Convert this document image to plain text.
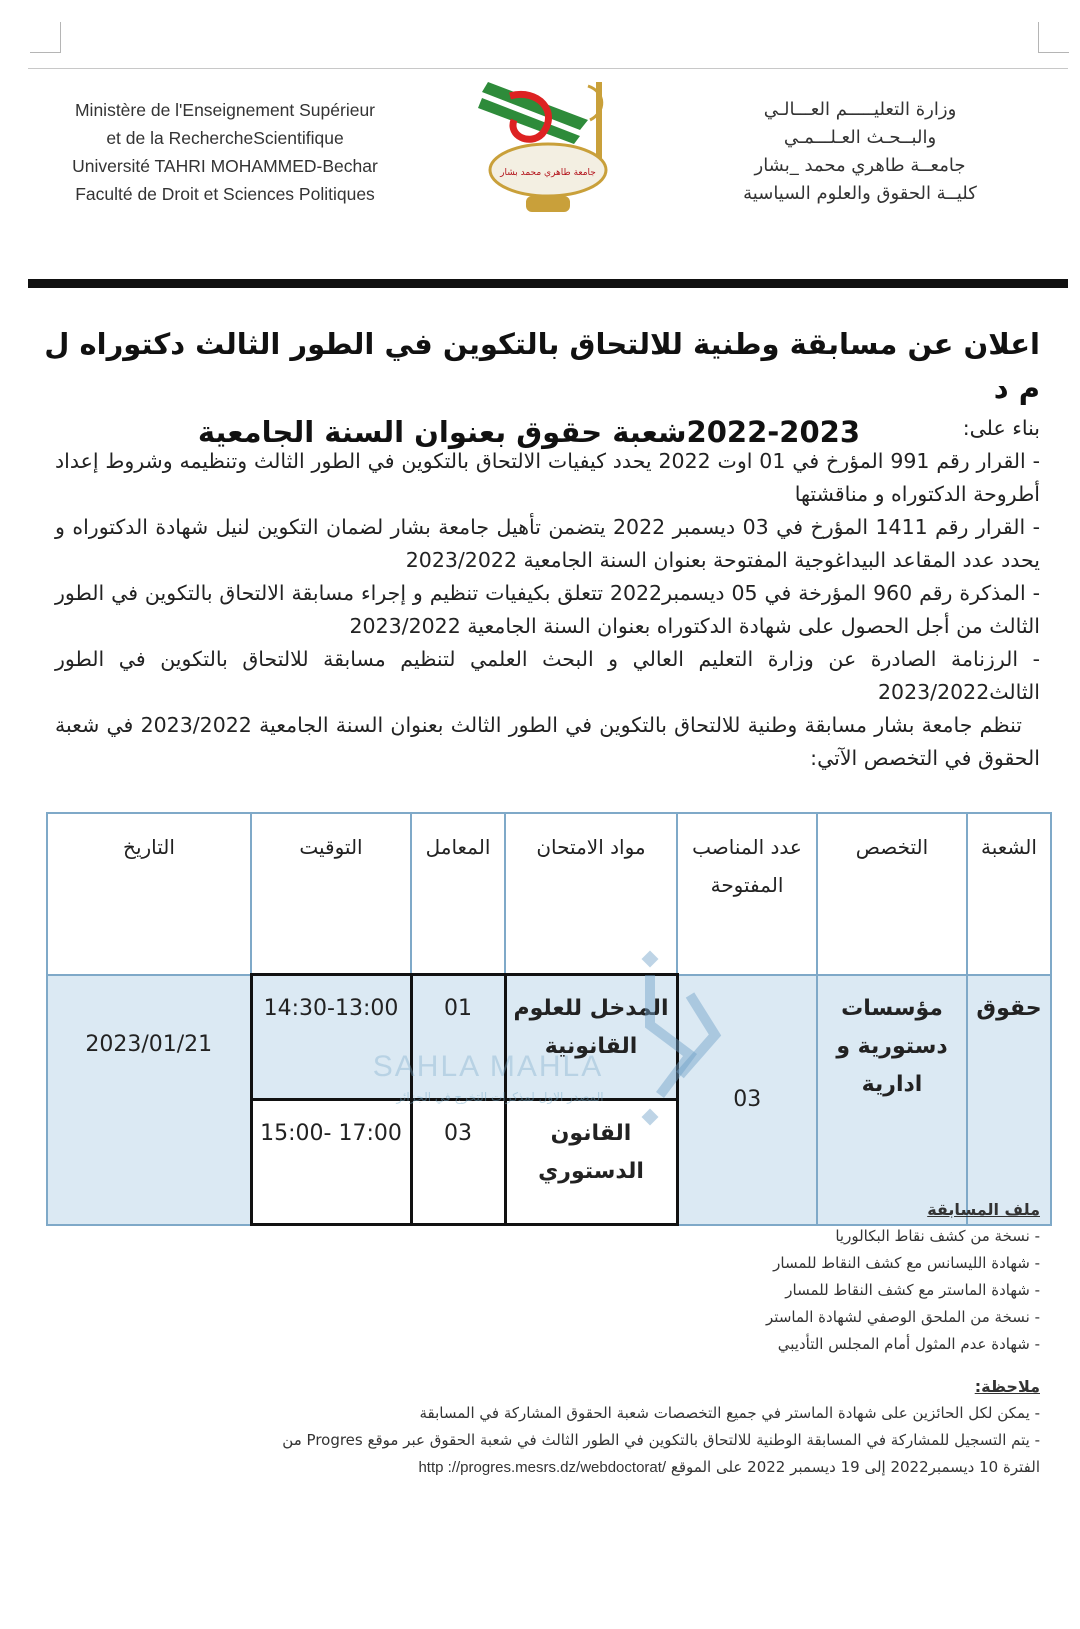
Ministère de l'Enseignement Supérieur
et de la RechercheScientifique
Université TAHRI MOHAMMED-Bechar
Faculté de Droit et Sciences Politiques
جامعة طاهري محمد بشار
وزارة التعليـــــم العـــالـي
والبــحـث العـلـــمـي
جامعــة طاهري محمد _بشار
كليــة الحقوق والعلوم السياسية
اعلان عن مسابقة وطنية للالتحاق بالتكوين في الطور الثالث دكتوراه ل م د
2022-2023شعبة حقوق بعنوان السنة الجامعية	بناء على:

- القرار رقم 991 المؤرخ في 01 اوت 2022 يحدد كيفيات الالتحاق بالتكوين في الطور الثالث وتنظيمه وشروط إعداد أطروحة الدكتوراه و مناقشتها

- القرار رقم 1411 المؤرخ في 03 ديسمبر 2022 يتضمن تأهيل جامعة بشار لضمان التكوين لنيل شهادة الدكتوراه و يحدد عدد المقاعد البيداغوجية المفتوحة بعنوان السنة الجامعية 2023/2022

- المذكرة رقم 960 المؤرخة في 05 ديسمبر2022 تتعلق بكيفيات تنظيم و إجراء مسابقة الالتحاق بالتكوين في الطور الثالث من أجل الحصول على شهادة الدكتوراه بعنوان السنة الجامعية 2023/2022

- الرزنامة الصادرة عن وزارة التعليم العالي و البحث العلمي لتنظيم مسابقة للالتحاق بالتكوين في الطور الثالث2023/2022

تنظم جامعة بشار مسابقة وطنية للالتحاق بالتكوين في الطور الثالث بعنوان السنة الجامعية 2023/2022 في شعبة الحقوق في التخصص الآتي:

الشعبة	التخصص	عدد المناصب المفتوحة	مواد الامتحان	المعامل	التوقيت	التاريخ
حقوق	مؤسسات دستورية و ادارية	03	المدخل للعلوم القانونية	01	14:30-13:00	2023/01/21
			القانون الدستوري	03	15:00- 17:00	
SAHLA MAHLA
المصدر الاول لمذكرات التخرج في الجزائر
ملف المسابقة
- نسخة من كشف نقاط البكالوريا
- شهادة الليسانس مع كشف النقاط للمسار
- شهادة الماستر مع كشف النقاط للمسار
- نسخة من الملحق الوصفي لشهادة الماستر
- شهادة عدم المثول أمام المجلس التأديبي
ملاحظة:
- يمكن لكل الحائزين على شهادة الماستر في جميع التخصصات شعبة الحقوق المشاركة في المسابقة
- يتم التسجيل للمشاركة في المسابقة الوطنية للالتحاق بالتكوين في الطور الثالث في شعبة الحقوق عبر موقع Progres من
الفترة 10 ديسمبر2022 إلى 19 ديسمبر 2022 على الموقع http ://progres.mesrs.dz/webdoctorat/
